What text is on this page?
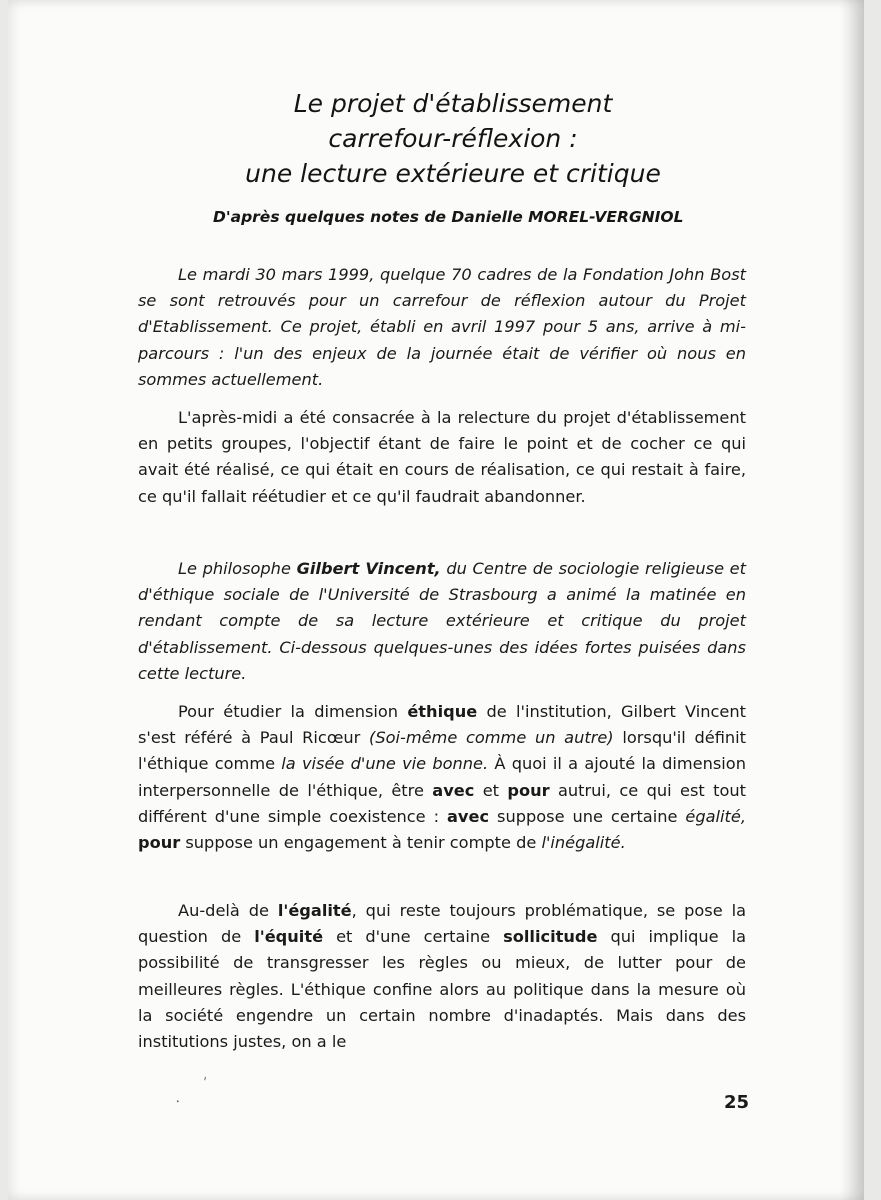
Le projet d'établissement
carrefour-réflexion :
une lecture extérieure et critique

D'après quelques notes de Danielle MOREL-VERGNIOL

Le mardi 30 mars 1999, quelque 70 cadres de la Fondation John Bost se sont retrouvés pour un carrefour de réflexion autour du Projet d'Etablissement. Ce projet, établi en avril 1997 pour 5 ans, arrive à mi-parcours : l'un des enjeux de la journée était de vérifier où nous en sommes actuellement.

L'après-midi a été consacrée à la relecture du projet d'établissement en petits groupes, l'objectif étant de faire le point et de cocher ce qui avait été réalisé, ce qui était en cours de réalisation, ce qui restait à faire, ce qu'il fallait réétudier et ce qu'il faudrait abandonner.

Le philosophe Gilbert Vincent, du Centre de sociologie religieuse et d'éthique sociale de l'Université de Strasbourg a animé la matinée en rendant compte de sa lecture extérieure et critique du projet d'établissement. Ci-dessous quelques-unes des idées fortes puisées dans cette lecture.

Pour étudier la dimension éthique de l'institution, Gilbert Vincent s'est référé à Paul Ricœur (Soi-même comme un autre) lorsqu'il définit l'éthique comme la visée d'une vie bonne. À quoi il a ajouté la dimension interpersonnelle de l'éthique, être avec et pour autrui, ce qui est tout différent d'une simple coexistence : avec suppose une certaine égalité, pour suppose un engagement à tenir compte de l'inégalité.

Au-delà de l'égalité, qui reste toujours problématique, se pose la question de l'équité et d'une certaine sollicitude qui implique la possibilité de transgresser les règles ou mieux, de lutter pour de meilleures règles. L'éthique confine alors au politique dans la mesure où la société engendre un certain nombre d'inadaptés. Mais dans des institutions justes, on a le

25

ˊ
·
